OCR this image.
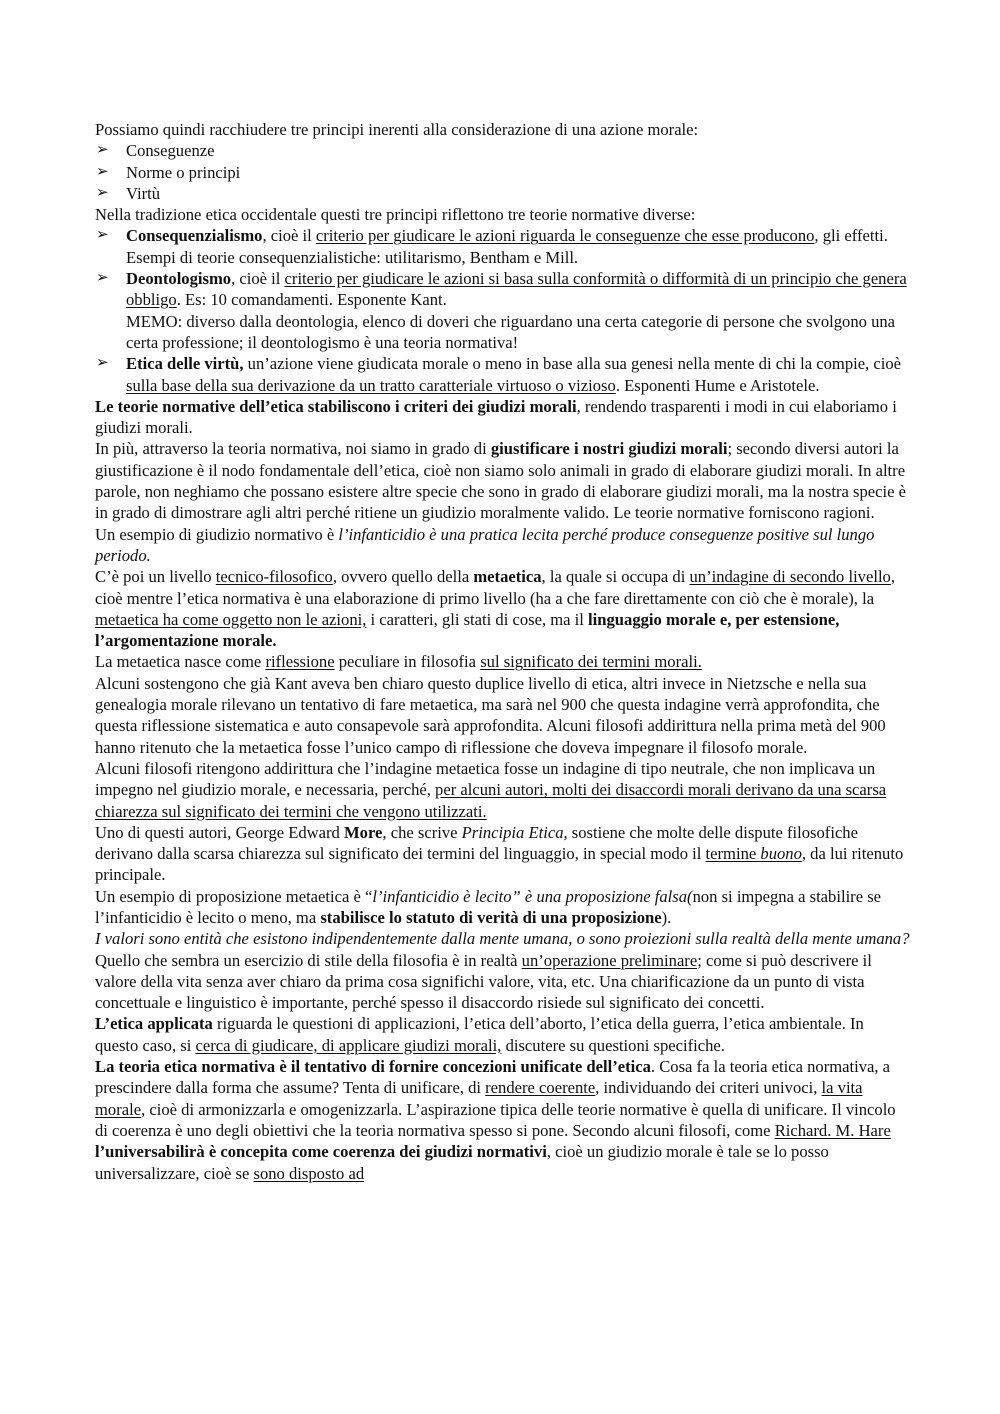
Possiamo quindi racchiudere tre principi inerenti alla considerazione di una azione morale:

➢ Conseguenze
➢ Norme o principi
➢ Virtù

Nella tradizione etica occidentale questi tre principi riflettono tre teorie normative diverse:

➢ Consequenzialismo, cioè il criterio per giudicare le azioni riguarda le conseguenze che esse producono, gli effetti. Esempi di teorie consequenzialistiche: utilitarismo, Bentham e Mill.
➢ Deontologismo, cioè il criterio per giudicare le azioni si basa sulla conformità o difformità di un principio che genera obbligo. Es: 10 comandamenti. Esponente Kant.
MEMO: diverso dalla deontologia, elenco di doveri che riguardano una certa categorie di persone che svolgono una certa professione; il deontologismo è una teoria normativa!
➢ Etica delle virtù, un’azione viene giudicata morale o meno in base alla sua genesi nella mente di chi la compie, cioè sulla base della sua derivazione da un tratto caratteriale virtuoso o vizioso. Esponenti Hume e Aristotele.

Le teorie normative dell’etica stabiliscono i criteri dei giudizi morali, rendendo trasparenti i modi in cui elaboriamo i giudizi morali.

In più, attraverso la teoria normativa, noi siamo in grado di giustificare i nostri giudizi morali; secondo diversi autori la giustificazione è il nodo fondamentale dell’etica, cioè non siamo solo animali in grado di elaborare giudizi morali. In altre parole, non neghiamo che possano esistere altre specie che sono in grado di elaborare giudizi morali, ma la nostra specie è in grado di dimostrare agli altri perché ritiene un giudizio moralmente valido. Le teorie normative forniscono ragioni.

Un esempio di giudizio normativo è l’infanticidio è una pratica lecita perché produce conseguenze positive sul lungo periodo.

C’è poi un livello tecnico-filosofico, ovvero quello della metaetica, la quale si occupa di un’indagine di secondo livello, cioè mentre l’etica normativa è una elaborazione di primo livello (ha a che fare direttamente con ciò che è morale), la metaetica ha come oggetto non le azioni, i caratteri, gli stati di cose, ma il linguaggio morale e, per estensione, l’argomentazione morale.

La metaetica nasce come riflessione peculiare in filosofia sul significato dei termini morali.

Alcuni sostengono che già Kant aveva ben chiaro questo duplice livello di etica, altri invece in Nietzsche e nella sua genealogia morale rilevano un tentativo di fare metaetica, ma sarà nel 900 che questa indagine verrà approfondita, che questa riflessione sistematica e auto consapevole sarà approfondita. Alcuni filosofi addirittura nella prima metà del 900 hanno ritenuto che la metaetica fosse l’unico campo di riflessione che doveva impegnare il filosofo morale.

Alcuni filosofi ritengono addirittura che l’indagine metaetica fosse un indagine di tipo neutrale, che non implicava un impegno nel giudizio morale, e necessaria, perché, per alcuni autori, molti dei disaccordi morali derivano da una scarsa chiarezza sul significato dei termini che vengono utilizzati.

Uno di questi autori, George Edward More, che scrive Principia Etica, sostiene che molte delle dispute filosofiche derivano dalla scarsa chiarezza sul significato dei termini del linguaggio, in special modo il termine buono, da lui ritenuto principale.

Un esempio di proposizione metaetica è “l’infanticidio è lecito” è una proposizione falsa(non si impegna a stabilire se l’infanticidio è lecito o meno, ma stabilisce lo statuto di verità di una proposizione).

I valori sono entità che esistono indipendentemente dalla mente umana, o sono proiezioni sulla realtà della mente umana?

Quello che sembra un esercizio di stile della filosofia è in realtà un’operazione preliminare; come si può descrivere il valore della vita senza aver chiaro da prima cosa significhi valore, vita, etc. Una chiarificazione da un punto di vista concettuale e linguistico è importante, perché spesso il disaccordo risiede sul significato dei concetti.

L’etica applicata riguarda le questioni di applicazioni, l’etica dell’aborto, l’etica della guerra, l’etica ambientale. In questo caso, si cerca di giudicare, di applicare giudizi morali, discutere su questioni specifiche.

La teoria etica normativa è il tentativo di fornire concezioni unificate dell’etica. Cosa fa la teoria etica normativa, a prescindere dalla forma che assume? Tenta di unificare, di rendere coerente, individuando dei criteri univoci, la vita morale, cioè di armonizzarla e omogenizzarla. L’aspirazione tipica delle teorie normative è quella di unificare. Il vincolo di coerenza è uno degli obiettivi che la teoria normativa spesso si pone. Secondo alcuni filosofi, come Richard. M. Hare l’universabilirà è concepita come coerenza dei giudizi normativi, cioè un giudizio morale è tale se lo posso universalizzare, cioè se sono disposto ad
